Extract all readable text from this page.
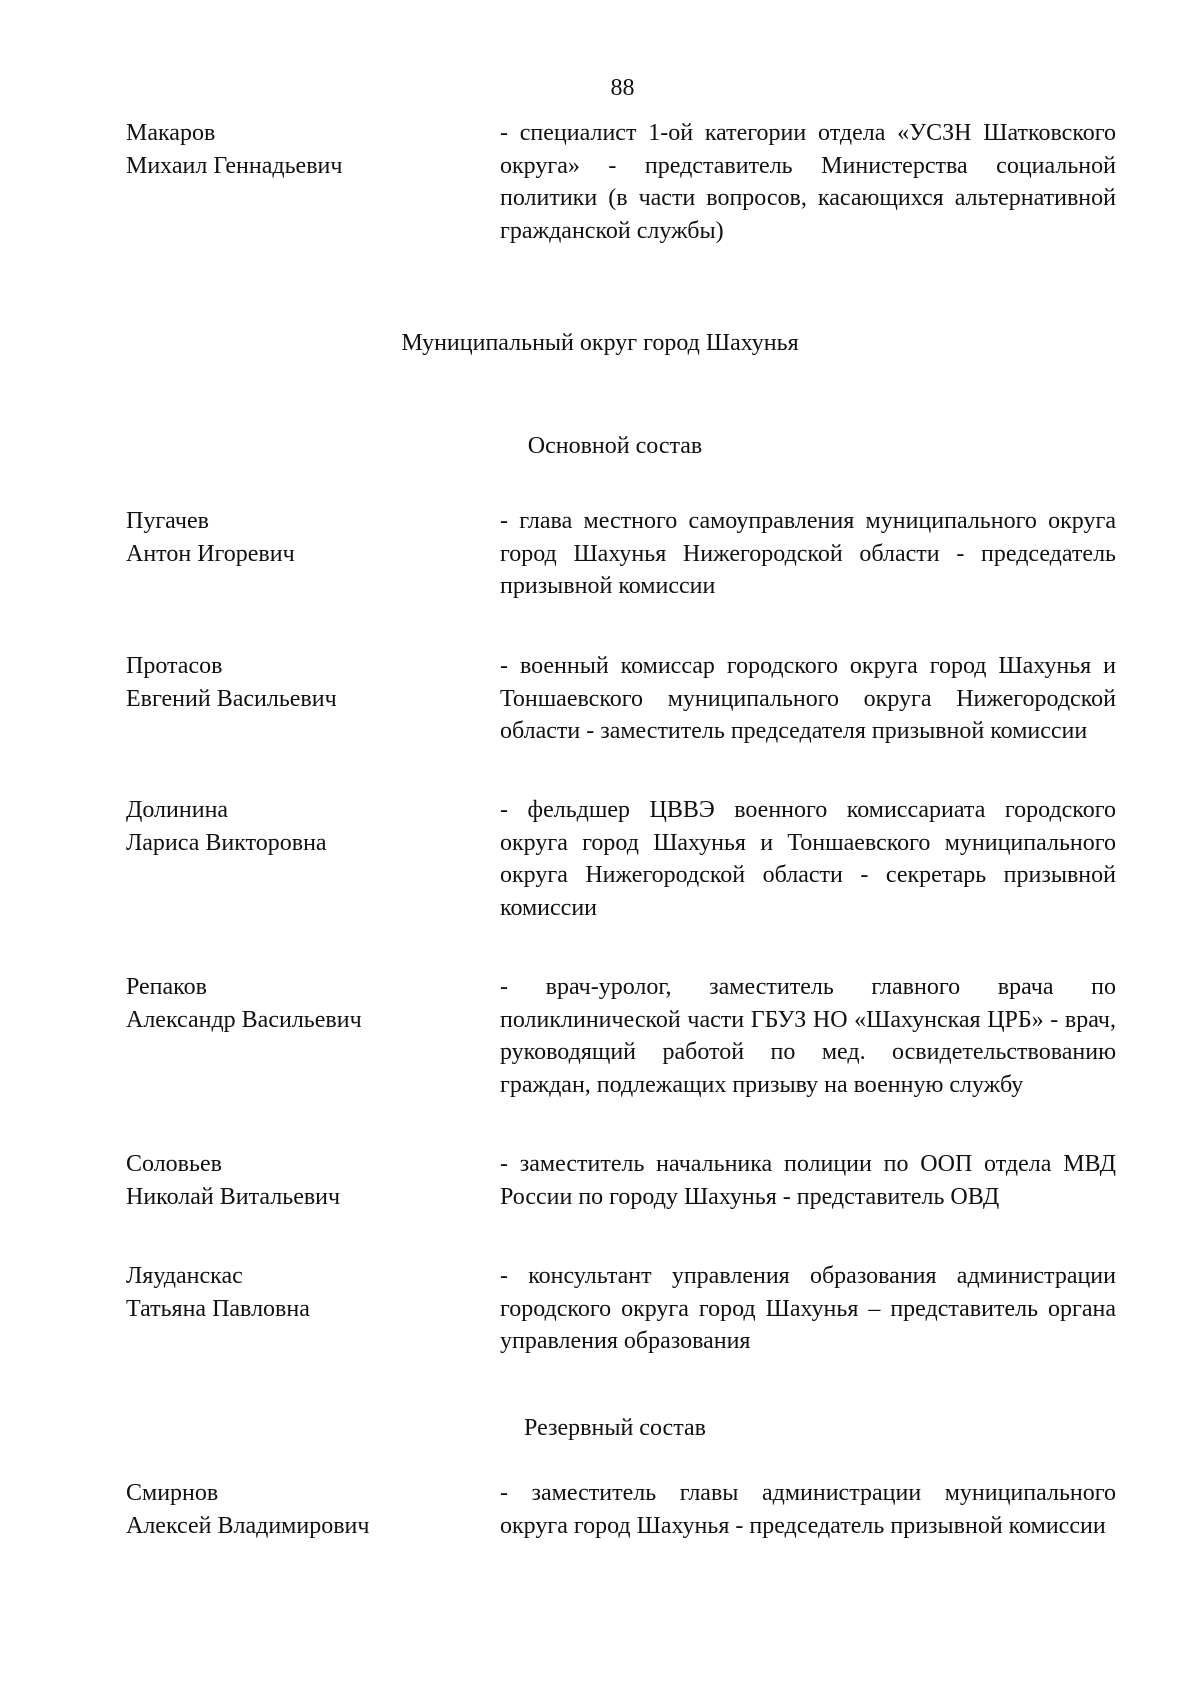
88
Макаров
Михаил Геннадьевич
- специалист 1-ой категории отдела «УСЗН Шатковского округа» - представитель Министерства социальной политики (в части вопросов, касающихся альтернативной гражданской службы)
Муниципальный округ город Шахунья
Основной состав
Пугачев
Антон Игоревич
- глава местного самоуправления муниципального округа город Шахунья Нижегородской области - председатель призывной комиссии
Протасов
Евгений Васильевич
- военный комиссар городского округа город Шахунья и Тоншаевского муниципального округа Нижегородской области - заместитель председателя призывной комиссии
Долинина
Лариса Викторовна
- фельдшер ЦВВЭ военного комиссариата городского округа город Шахунья и Тоншаевского муниципального округа Нижегородской области - секретарь призывной комиссии
Репаков
Александр Васильевич
- врач-уролог, заместитель главного врача по поликлинической части ГБУЗ НО «Шахунская ЦРБ» - врач, руководящий работой по мед. освидетельствованию граждан, подлежащих призыву на военную службу
Соловьев
Николай Витальевич
- заместитель начальника полиции по ООП отдела МВД России по городу Шахунья - представитель ОВД
Ляуданскас
Татьяна Павловна
- консультант управления образования администрации городского округа город Шахунья – представитель органа управления образования
Резервный состав
Смирнов
Алексей Владимирович
- заместитель главы администрации муниципального округа город Шахунья - председатель призывной комиссии
